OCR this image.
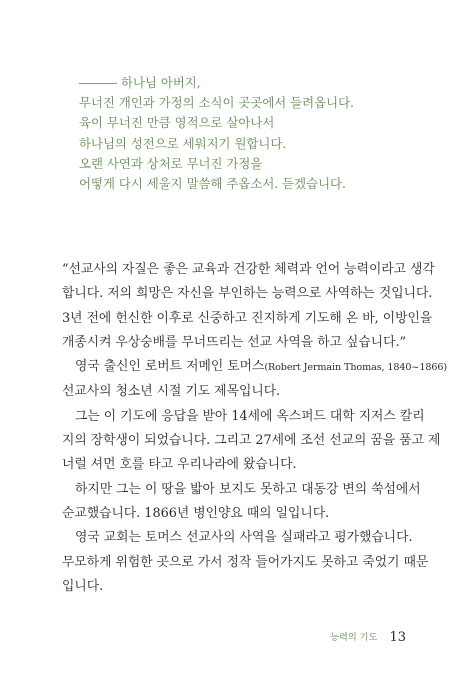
하나님 아버지,
무너진 개인과 가정의 소식이 곳곳에서 들려옵니다.
육이 무너진 만큼 영적으로 살아나서
하나님의 성전으로 세워지기 원합니다.
오랜 사연과 상처로 무너진 가정을
어떻게 다시 세울지 말씀해 주옵소서. 듣겠습니다.

“선교사의 자질은 좋은 교육과 건강한 체력과 언어 능력이라고 생각

합니다. 저의 희망은 자신을 부인하는 능력으로 사역하는 것입니다.

3년 전에 헌신한 이후로 신중하고 진지하게 기도해 온 바, 이방인을

개종시켜 우상숭배를 무너뜨리는 선교 사역을 하고 싶습니다.”

영국 출신인 로버트 저메인 토머스(Robert Jermain Thomas, 1840~1866)

선교사의 청소년 시절 기도 제목입니다.

그는 이 기도에 응답을 받아 14세에 옥스퍼드 대학 지저스 칼리

지의 장학생이 되었습니다. 그리고 27세에 조선 선교의 꿈을 품고 제

너럴 셔먼 호를 타고 우리나라에 왔습니다.

하지만 그는 이 땅을 밟아 보지도 못하고 대동강 변의 쑥섬에서

순교했습니다. 1866년 병인양요 때의 일입니다.

영국 교회는 토머스 선교사의 사역을 실패라고 평가했습니다.

무모하게 위험한 곳으로 가서 정작 들어가지도 못하고 죽었기 때문

입니다.

능력의 기도 13
